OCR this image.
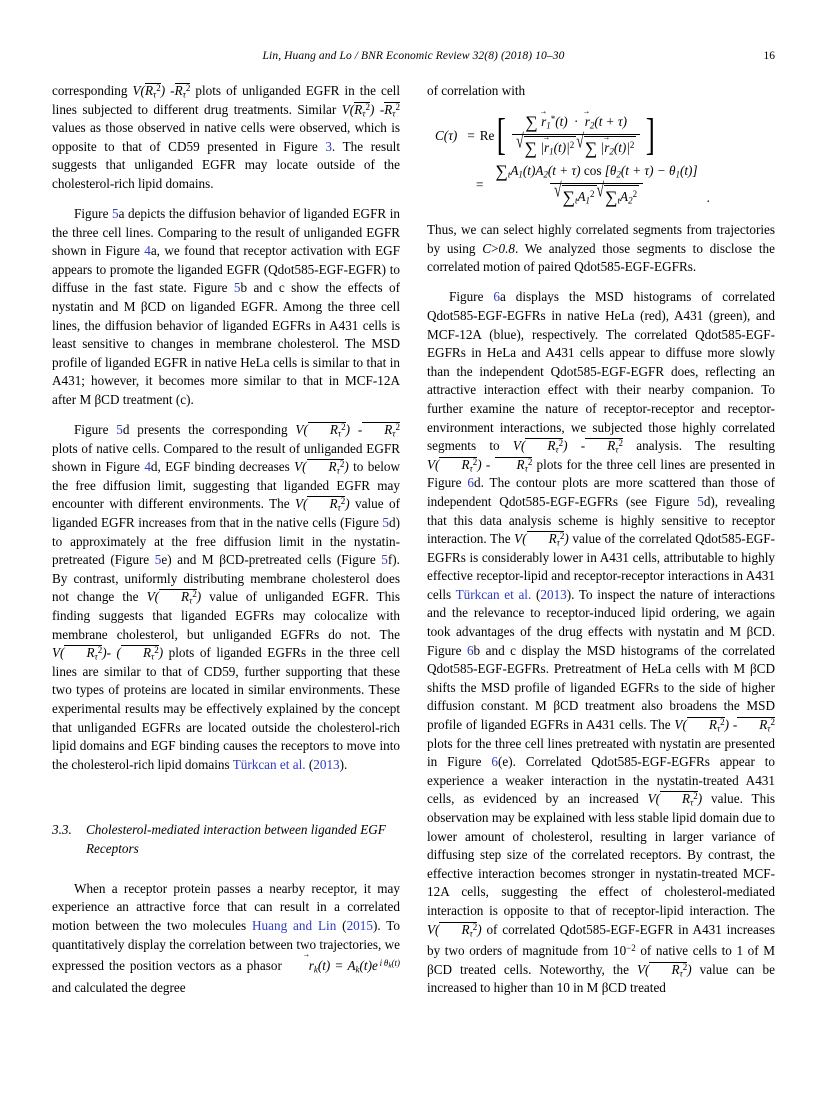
Lin, Huang and Lo / BNR Economic Review 32(8) (2018) 10–30	16

corresponding $V(R_\tau^2)$ $-R_\tau^2$ plots of unliganded EGFR in the cell lines subjected to different drug treatments. Similar $V(R_\tau^2)$ $-R_\tau^2$ values as those observed in native cells were observed, which is opposite to that of CD59 presented in Figure 3. The result suggests that unliganded EGFR may locate outside of the cholesterol-rich lipid domains.

Figure 5a depicts the diffusion behavior of liganded EGFR in the three cell lines. Comparing to the result of unliganded EGFR shown in Figure 4a, we found that receptor activation with EGF appears to promote the liganded EGFR (Qdot585-EGF-EGFR) to diffuse in the fast state. Figure 5b and c show the effects of nystatin and M βCD on liganded EGFR. Among the three cell lines, the diffusion behavior of liganded EGFRs in A431 cells is least sensitive to changes in membrane cholesterol. The MSD profile of liganded EGFR in native HeLa cells is similar to that in A431; however, it becomes more similar to that in MCF-12A after M βCD treatment (c).

Figure 5d presents the corresponding V( $R_\tau^2) - R_\tau^2$ plots of native cells. Compared to the result of unliganded EGFR shown in Figure 4d, EGF binding decreases V( $R_\tau^2$) to below the free diffusion limit, suggesting that liganded EGFR may encounter with different environments. The V( $R_\tau^2$) value of liganded EGFR increases from that in the native cells (Figure 5d) to approximately at the free diffusion limit in the nystatin-pretreated (Figure 5e) and M βCD-pretreated cells (Figure 5f). By contrast, uniformly distributing membrane cholesterol does not change the V( $R_\tau^2$) value of unliganded EGFR. This finding suggests that liganded EGFRs may colocalize with membrane cholesterol, but unliganded EGFRs do not. The V( $R_\tau^2)-$ ( $R_\tau^2$) plots of liganded EGFRs in the three cell lines are similar to that of CD59, further supporting that these two types of proteins are located in similar environments. These experimental results may be effectively explained by the concept that unliganded EGFRs are located outside the cholesterol-rich lipid domains and EGF binding causes the receptors to move into the cholesterol-rich lipid domains Türkcan et al. (2013).

3.3. Cholesterol-mediated interaction between liganded EGF Receptors

When a receptor protein passes a nearby receptor, it may experience an attractive force that can result in a correlated motion between the two molecules Huang and Lin (2015). To quantitatively display the correlation between two trajectories, we expressed the position vectors as a phasor $r \to_k(t) = A_k(t)e$ $^{i \theta k(t)}$ and calculated the degree

of correlation with

C(τ) = Re [ $\frac{\sum r \to_1^*(t) \cdot r \to_2(t + \tau)}{√ \sum |r \to_1(t)|^2 √ \sum |r \to_2(t)|^2}$ ]
= $\frac{\sum_tA_1(t)A_2(t + \tau) \cos [\theta_2(t + \tau) - \theta_1(t)]}{√ \sum_tA_1^2 √ \sum_tA_2^2}$ .

Thus, we can select highly correlated segments from trajectories by using C>0.8. We analyzed those segments to disclose the correlated motion of paired Qdot585-EGF-EGFRs.

Figure 6a displays the MSD histograms of correlated Qdot585-EGF-EGFRs in native HeLa (red), A431 (green), and MCF-12A (blue), respectively. The correlated Qdot585-EGF-EGFRs in HeLa and A431 cells appear to diffuse more slowly than the independent Qdot585-EGF-EGFR does, reflecting an attractive interaction effect with their nearby companion. To further examine the nature of receptor-receptor and receptor-environment interactions, we subjected those highly correlated segments to V( $R_\tau^2) - R_\tau^2$ analysis. The resulting V( $R_\tau^2) - R_\tau^2$ plots for the three cell lines are presented in Figure 6d. The contour plots are more scattered than those of independent Qdot585-EGF-EGFRs (see Figure 5d), revealing that this data analysis scheme is highly sensitive to receptor interaction. The V( $R_\tau^2$) value of the correlated Qdot585-EGF-EGFRs is considerably lower in A431 cells, attributable to highly effective receptor-lipid and receptor-receptor interactions in A431 cells Türkcan et al. (2013). To inspect the nature of interactions and the relevance to receptor-induced lipid ordering, we again took advantages of the drug effects with nystatin and M βCD. Figure 6b and c display the MSD histograms of the correlated Qdot585-EGF-EGFRs. Pretreatment of HeLa cells with M βCD shifts the MSD profile of liganded EGFRs to the side of higher diffusion constant. M βCD treatment also broadens the MSD profile of liganded EGFRs in A431 cells. The V( $R_\tau^2) - R_\tau^2$ plots for the three cell lines pretreated with nystatin are presented in Figure 6(e). Correlated Qdot585-EGF-EGFRs appear to experience a weaker interaction in the nystatin-treated A431 cells, as evidenced by an increased V( $R_\tau^2$) value. This observation may be explained with less stable lipid domain due to lower amount of cholesterol, resulting in larger variance of diffusing step size of the correlated receptors. By contrast, the effective interaction becomes stronger in nystatin-treated MCF-12A cells, suggesting the effect of cholesterol-mediated interaction is opposite to that of receptor-lipid interaction. The V( $R_\tau^2$) of correlated Qdot585-EGF-EGFR in A431 increases by two orders of magnitude from $10^{-2}$ of native cells to 1 of M βCD treated cells. Noteworthy, the V( $R_\tau^2$) value can be increased to higher than 10 in M βCD treated
